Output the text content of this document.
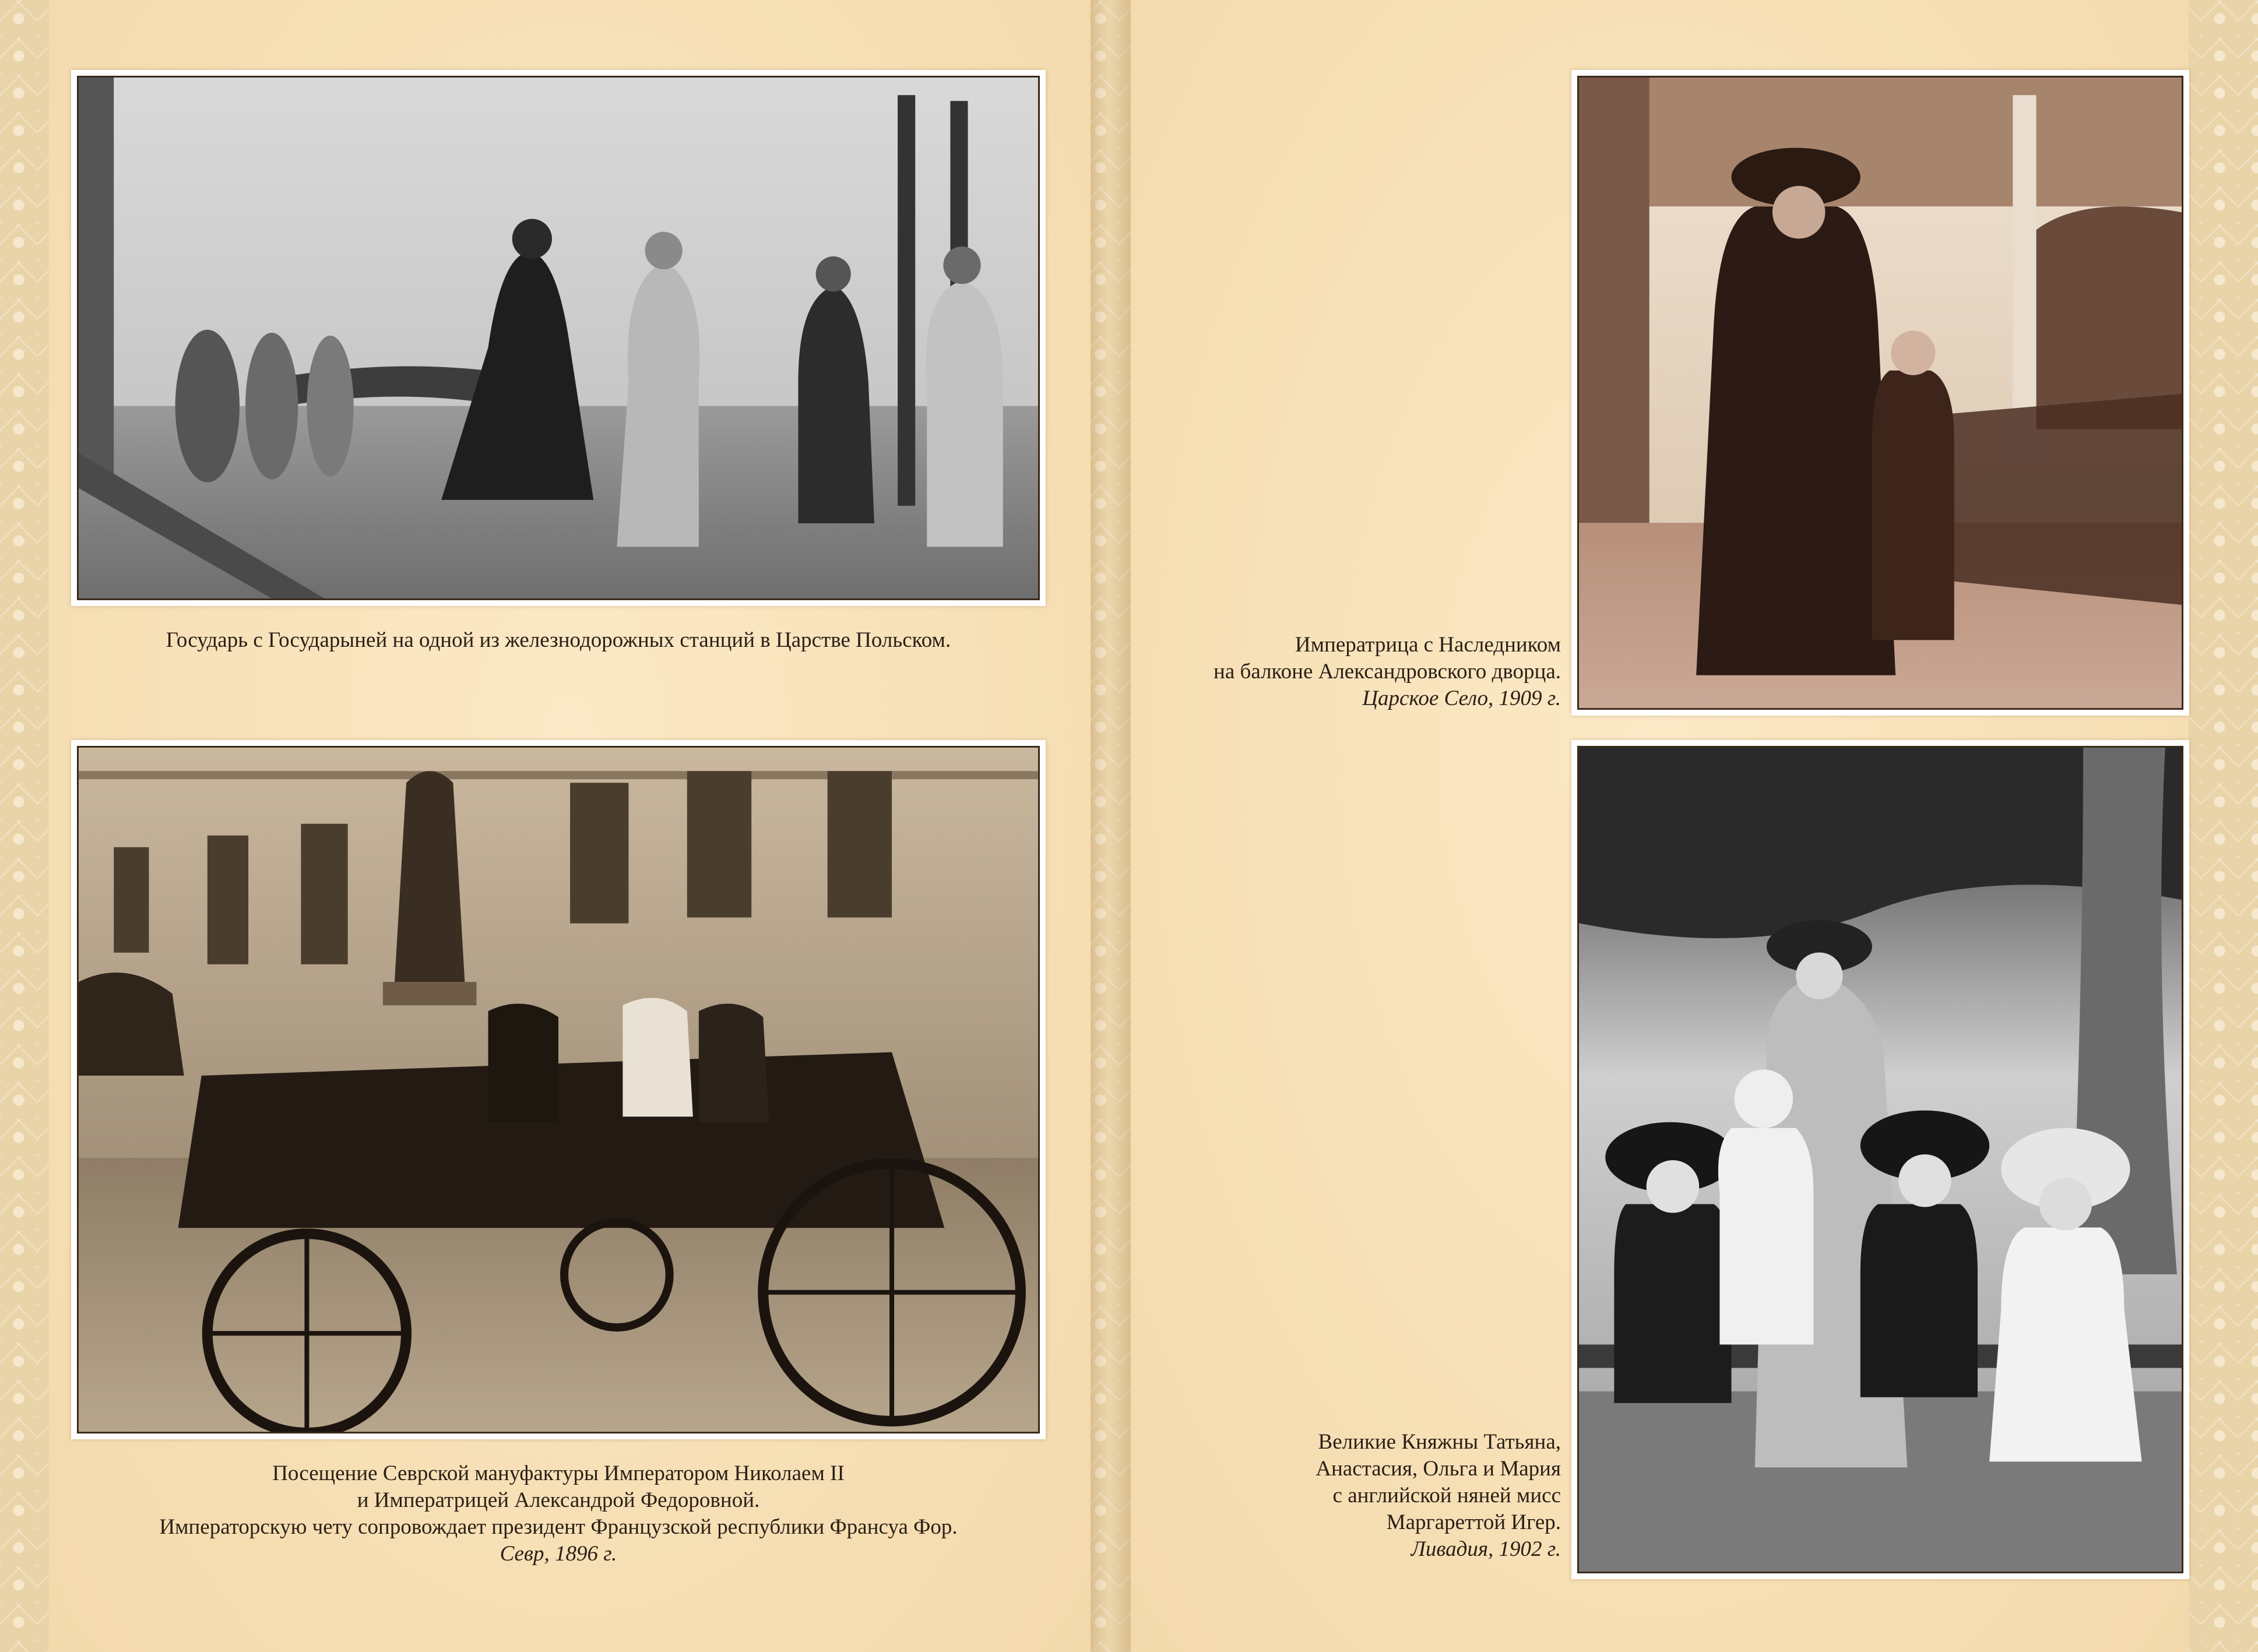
Государь с Государыней на одной из железнодорожных станций в Царстве Польском.
Посещение Севрской мануфактуры Императором Николаем II
и Императрицей Александрой Федоровной.
Императорскую чету сопровождает президент Французской республики Франсуа Фор.
Севр, 1896 г.
Императрица с Наследником
на балконе Александровского дворца.
Царское Село, 1909 г.
Великие Княжны Татьяна,
Анастасия, Ольга и Мария
с английской няней мисс
Маргареттой Игер.
Ливадия, 1902 г.
